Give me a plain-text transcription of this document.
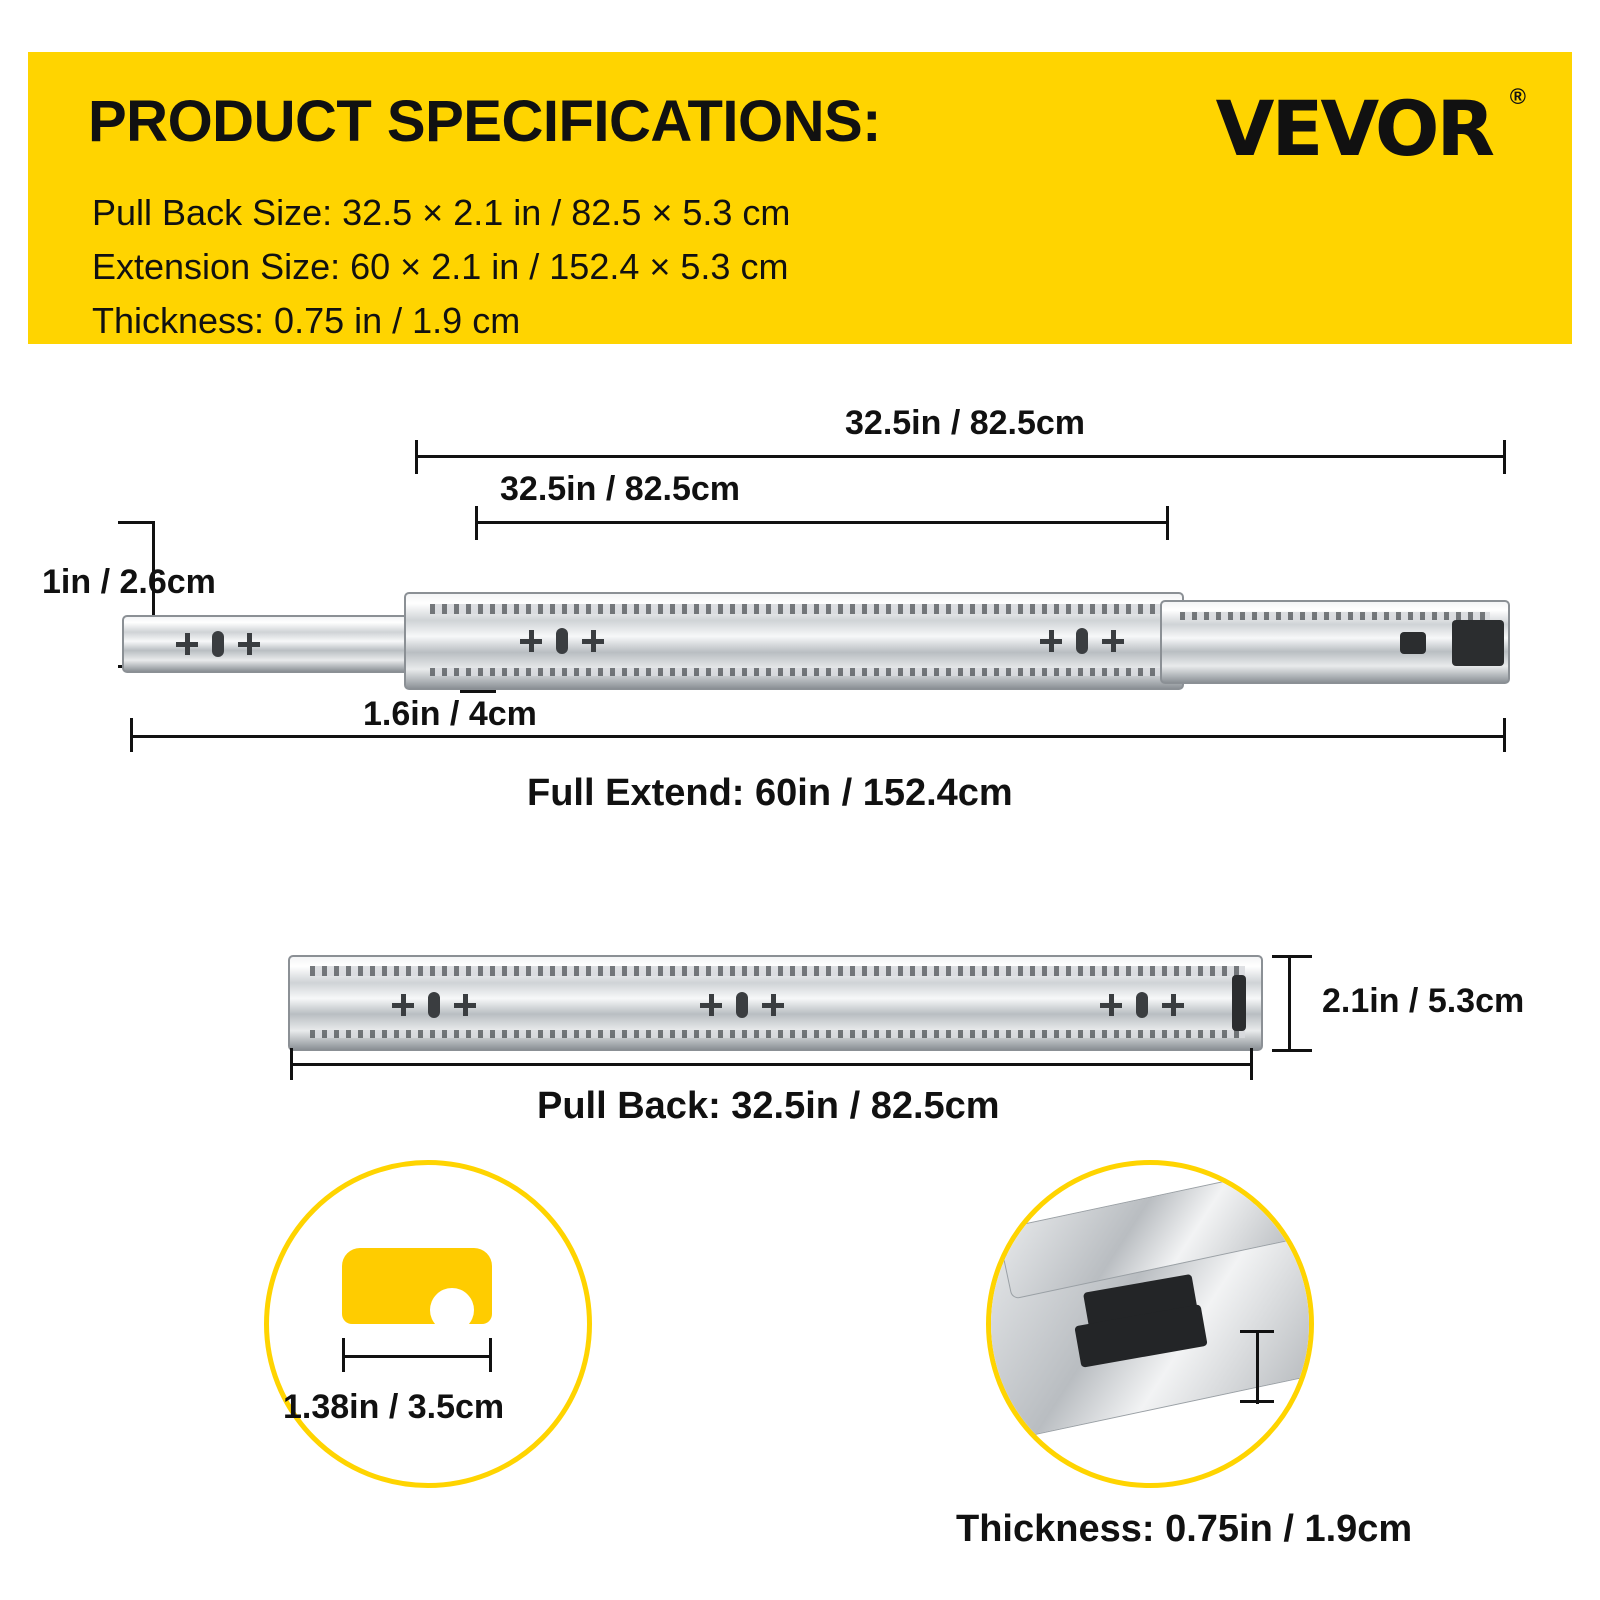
PRODUCT SPECIFICATIONS:	VEVOR ®
Pull Back Size: 32.5 × 2.1 in / 82.5 × 5.3 cm
Extension Size: 60 × 2.1 in / 152.4 × 5.3 cm
Thickness: 0.75 in / 1.9 cm
32.5in / 82.5cm
32.5in / 82.5cm
1in / 2.6cm
1.6in / 4cm
Full Extend: 60in / 152.4cm
2.1in / 5.3cm
Pull Back: 32.5in / 82.5cm
1.38in / 3.5cm
Thickness: 0.75in / 1.9cm
